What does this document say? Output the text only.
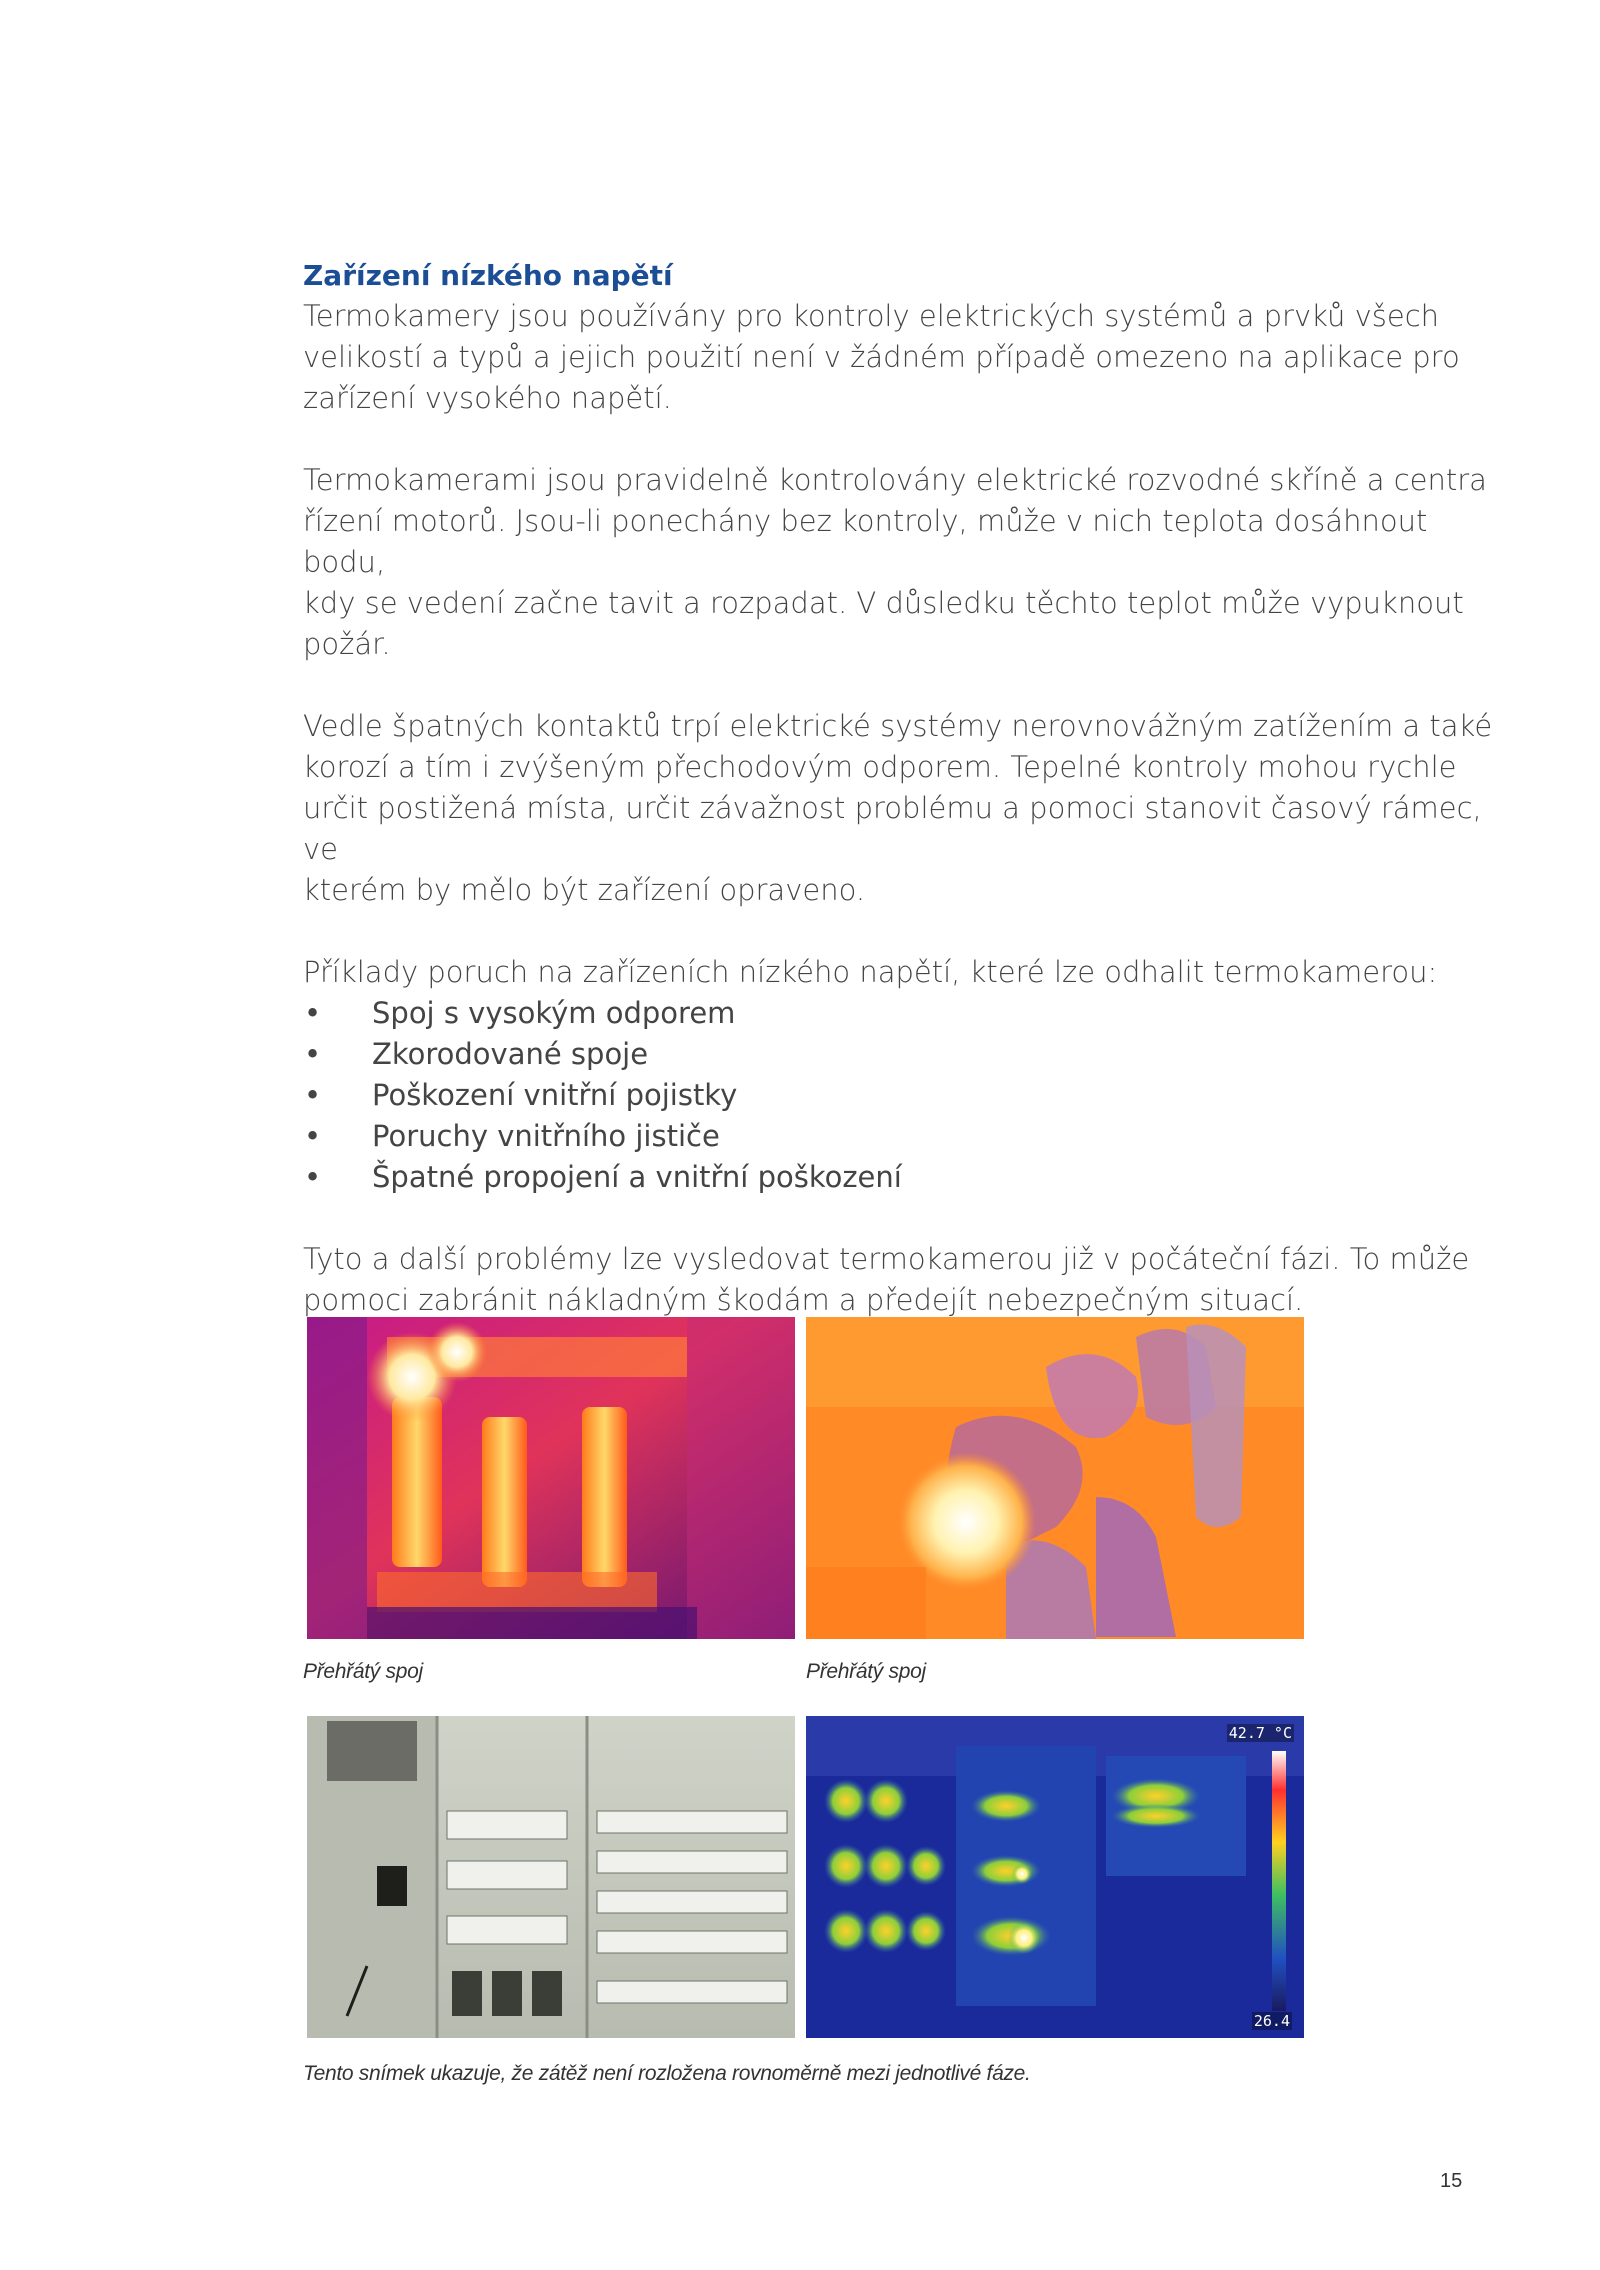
Zařízení nízkého napětí

Termokamery jsou používány pro kontroly elektrických systémů a prvků všech
velikostí a typů a jejich použití není v žádném případě omezeno na aplikace pro
zařízení vysokého napětí.

Termokamerami jsou pravidelně kontrolovány elektrické rozvodné skříně a centra
řízení motorů. Jsou-li ponechány bez kontroly, může v nich teplota dosáhnout bodu,
kdy se vedení začne tavit a rozpadat. V důsledku těchto teplot může vypuknout
požár.

Vedle špatných kontaktů trpí elektrické systémy nerovnovážným zatížením a také
korozí a tím i zvýšeným přechodovým odporem. Tepelné kontroly mohou rychle
určit postižená místa, určit závažnost problému a pomoci stanovit časový rámec, ve
kterém by mělo být zařízení opraveno.

Příklady poruch na zařízeních nízkého napětí, které lze odhalit termokamerou:

• Spoj s vysokým odporem
• Zkorodované spoje
• Poškození vnitřní pojistky
• Poruchy vnitřního jističe
• Špatné propojení a vnitřní poškození

Tyto a další problémy lze vysledovat termokamerou již v počáteční fázi. To může
pomoci zabránit nákladným škodám a předejít nebezpečným situací.

Přehřátý spoj	Přehřátý spoj
42.7 °C
26.4
Tento snímek ukazuje, že zátěž není rozložena rovnoměrně mezi jednotlivé fáze.
15
